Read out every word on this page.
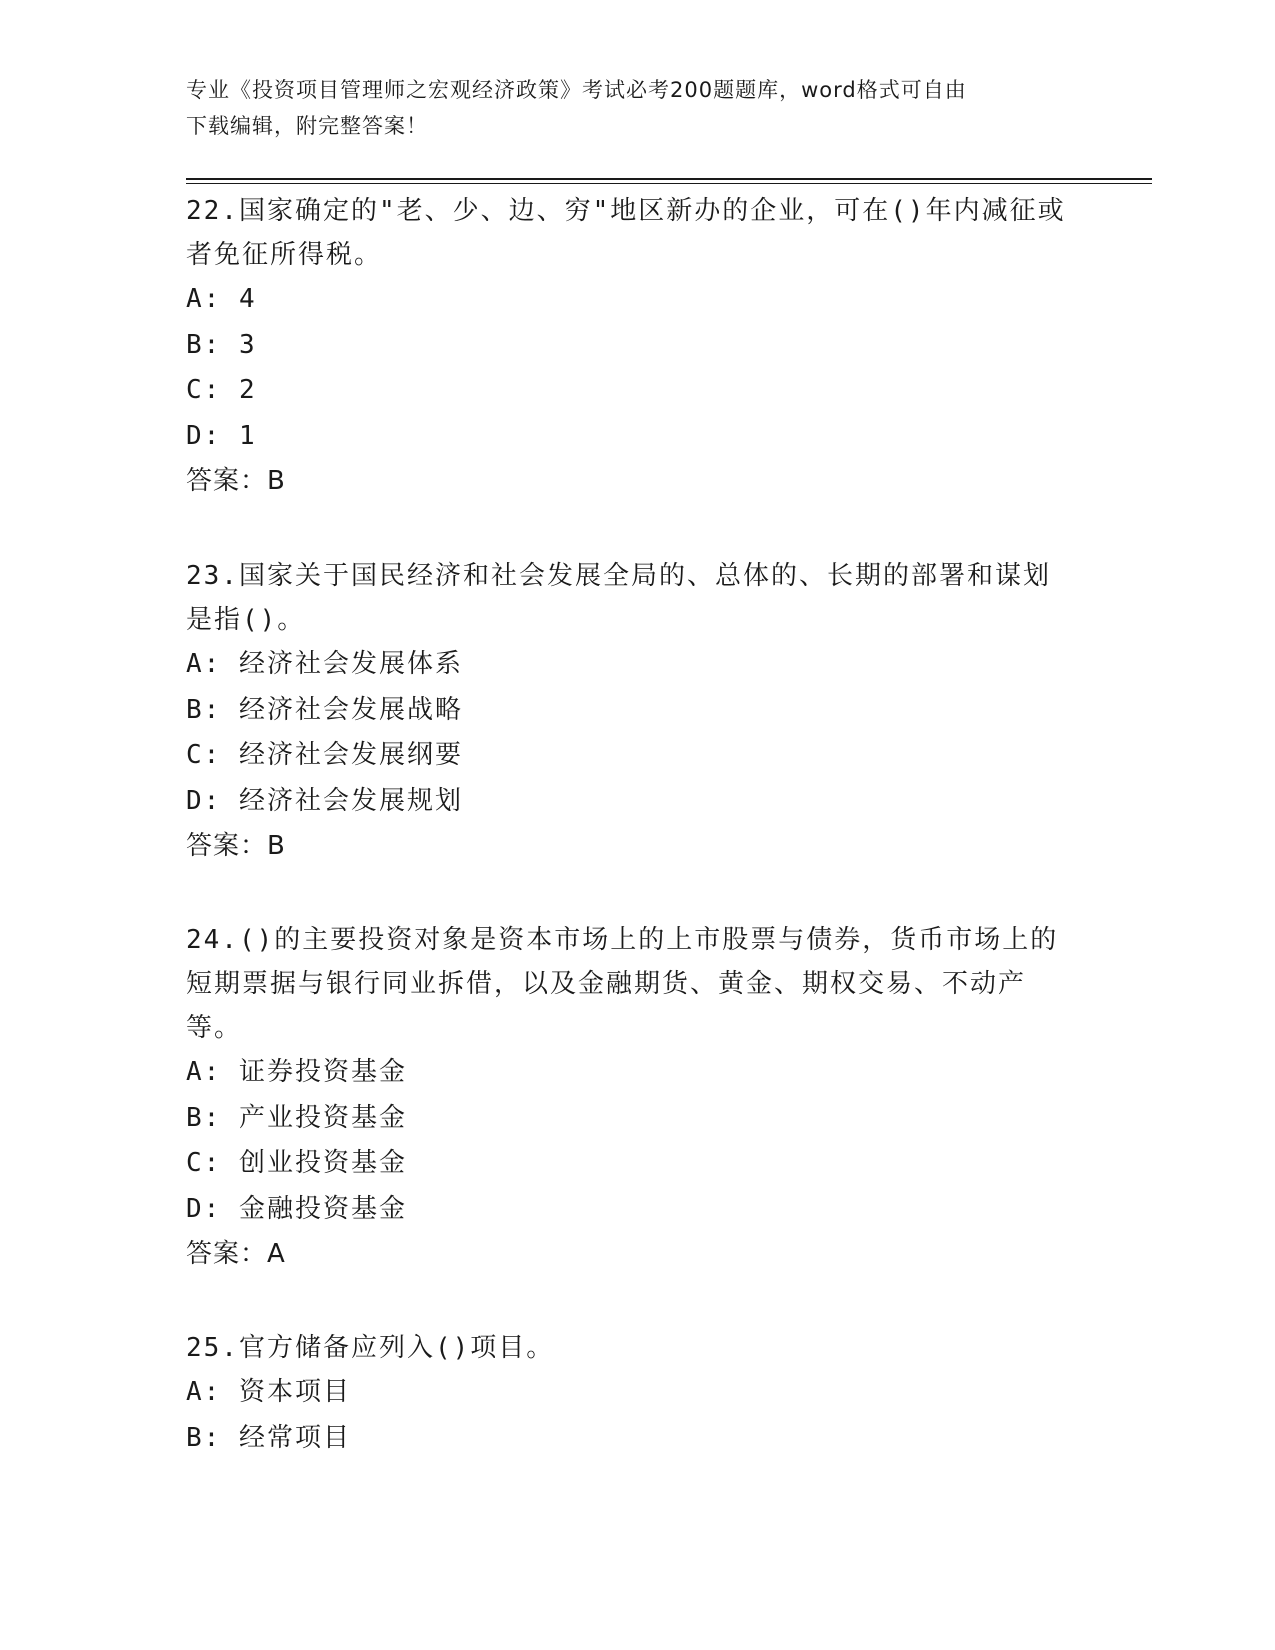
专业《投资项目管理师之宏观经济政策》考试必考200题题库，word格式可自由
下载编辑，附完整答案！

22.国家确定的"老、少、边、穷"地区新办的企业，可在()年内减征或

者免征所得税。

A: 4

B: 3

C: 2

D: 1

答案：B

23.国家关于国民经济和社会发展全局的、总体的、长期的部署和谋划

是指()。

A: 经济社会发展体系

B: 经济社会发展战略

C: 经济社会发展纲要

D: 经济社会发展规划

答案：B

24.()的主要投资对象是资本市场上的上市股票与债券，货币市场上的

短期票据与银行同业拆借，以及金融期货、黄金、期权交易、不动产

等。

A: 证券投资基金

B: 产业投资基金

C: 创业投资基金

D: 金融投资基金

答案：A

25.官方储备应列入()项目。

A: 资本项目

B: 经常项目
